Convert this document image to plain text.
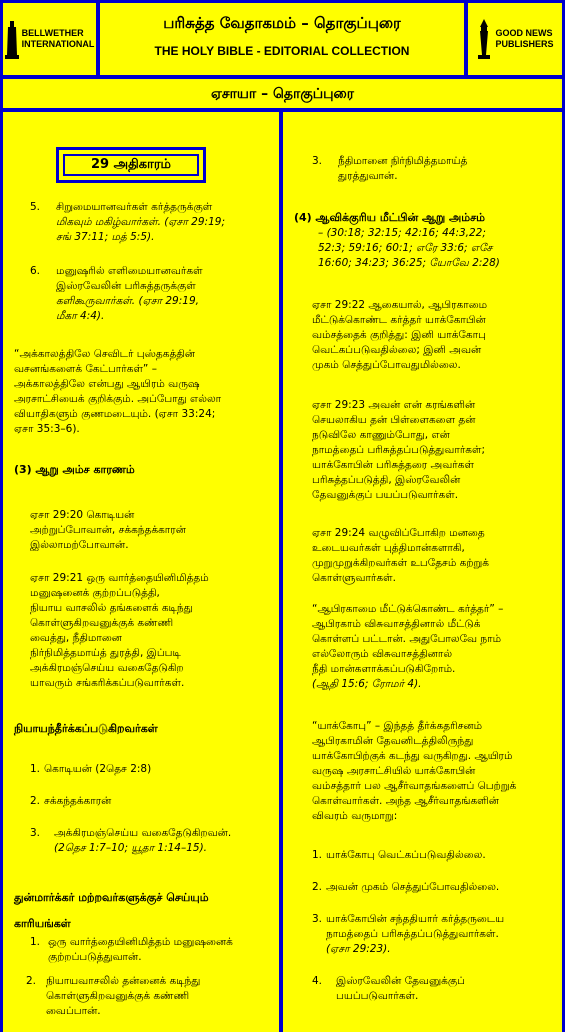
BELLWETHER
INTERNATIONAL
பரிசுத்த வேதாகமம் – தொகுப்புரை
THE HOLY BIBLE - EDITORIAL COLLECTION
GOOD NEWS
PUBLISHERS
ஏசாயா – தொகுப்புரை
29 அதிகாரம்
5. சிறுமையானவர்கள் கர்த்தருக்குள்

மிகவும் மகிழ்வார்கள். (ஏசா 29:19;

சங் 37:11; மத் 5:5).

6. மனுஷரில் எளிமையானவர்கள்

இஸ்ரவேலின் பரிசுத்தருக்குள்

களிகூருவார்கள். (ஏசா 29:19,

மீகா 4:4).

“அக்காலத்திலே செவிடர் புஸ்தகத்தின்

வசனங்களைக் கேட்பார்கள்” –

அக்காலத்திலே என்பது ஆயிரம் வருஷ

அரசாட்சியைக் குறிக்கும். அப்போது எல்லா

வியாதிகளும் குணமடையும். (ஏசா 33:24;

ஏசா 35:3–6).

(3) ஆறு அம்ச காரணம்

ஏசா 29:20 கொடியன்

அற்றுப்போவான், சக்கந்தக்காரன்

இல்லாமற்போவான்.

ஏசா 29:21 ஒரு வார்த்தையினிமித்தம்

மனுஷனைக் குற்றப்படுத்தி,

நியாய வாசலில் தங்களைக் கடிந்து

கொள்ளுகிறவனுக்குக் கண்ணி

வைத்து, நீதிமானை

நிர்நிமித்தமாய்த் துரத்தி, இப்படி

அக்கிரமஞ்செய்ய வகைதேடுகிற

யாவரும் சங்கரிக்கப்படுவார்கள்.

நியாயந்தீர்க்கப்படுகிறவர்கள்
1. கொடியன் (2தெச 2:8)

2. சக்கந்தக்காரன்

3. அக்கிரமஞ்செய்ய வகைதேடுகிறவன்.

(2தெச 1:7–10; யூதா 1:14–15).

துன்மார்க்கர் மற்றவர்களுக்குச் செய்யும்

காரியங்கள்

1. ஒரு வார்த்தையினிமித்தம் மனுஷனைக்

குற்றப்படுத்துவான்.

2. நியாயவாசலில் தன்னைக் கடிந்து

கொள்ளுகிறவனுக்குக் கண்ணி

வைப்பான்.

3. நீதிமானை நிர்நிமித்தமாய்த்

துரத்துவான்.

(4) ஆவிக்குரிய மீட்பின் ஆறு அம்சம்

– (30:18; 32:15; 42:16; 44:3,22;

52:3; 59:16; 60:1; எரே 33:6; எசே

16:60; 34:23; 36:25; யோவே 2:28)

ஏசா 29:22 ஆகையால், ஆபிரகாமை

மீட்டுக்கொண்ட கர்த்தர் யாக்கோபின்

வம்சத்தைக் குறித்து: இனி யாக்கோபு

வெட்கப்படுவதில்லை; இனி அவன்

முகம் செத்துப்போவதுமில்லை.

ஏசா 29:23 அவன் என் கரங்களின்

செயலாகிய தன் பிள்ளைகளை தன்

நடுவிலே காணும்போது, என்

நாமத்தைப் பரிசுத்தப்படுத்துவார்கள்;

யாக்கோபின் பரிசுத்தரை அவர்கள்

பரிசுத்தப்படுத்தி, இஸ்ரவேலின்

தேவனுக்குப் பயப்படுவார்கள்.

ஏசா 29:24 வழுவிப்போகிற மனதை

உடையவர்கள் புத்திமான்களாகி,

முறுமுறுக்கிறவர்கள் உபதேசம் கற்றுக்

கொள்ளுவார்கள்.

“ஆபிரகாமை மீட்டுக்கொண்ட கர்த்தர்” –

ஆபிரகாம் விசுவாசத்தினால் மீட்டுக்

கொள்ளப் பட்டான். அதுபோலவே நாம்

எல்லோரும் விசுவாசத்தினால்

நீதி மான்களாக்கப்படுகிறோம்.

(ஆதி 15:6; ரோமர் 4).

“யாக்கோபு” – இந்தத் தீர்க்கதரிசனம்

ஆபிரகாமின் தேவனிடத்திலிருந்து

யாக்கோபிற்குக் கடந்து வருகிறது. ஆயிரம்

வருஷ அரசாட்சியில் யாக்கோபின்

வம்சத்தார் பல ஆசீர்வாதங்களைப் பெற்றுக்

கொள்வார்கள். அந்த ஆசீர்வாதங்களின்

விவரம் வருமாறு:

1. யாக்கோபு வெட்கப்படுவதில்லை.

2. அவன் முகம் செத்துப்போவதில்லை.

3. யாக்கோபின் சந்ததியார் கர்த்தருடைய

நாமத்தைப் பரிசுத்தப்படுத்துவார்கள்.

(ஏசா 29:23).

4. இஸ்ரவேலின் தேவனுக்குப்

பயப்படுவார்கள்.
